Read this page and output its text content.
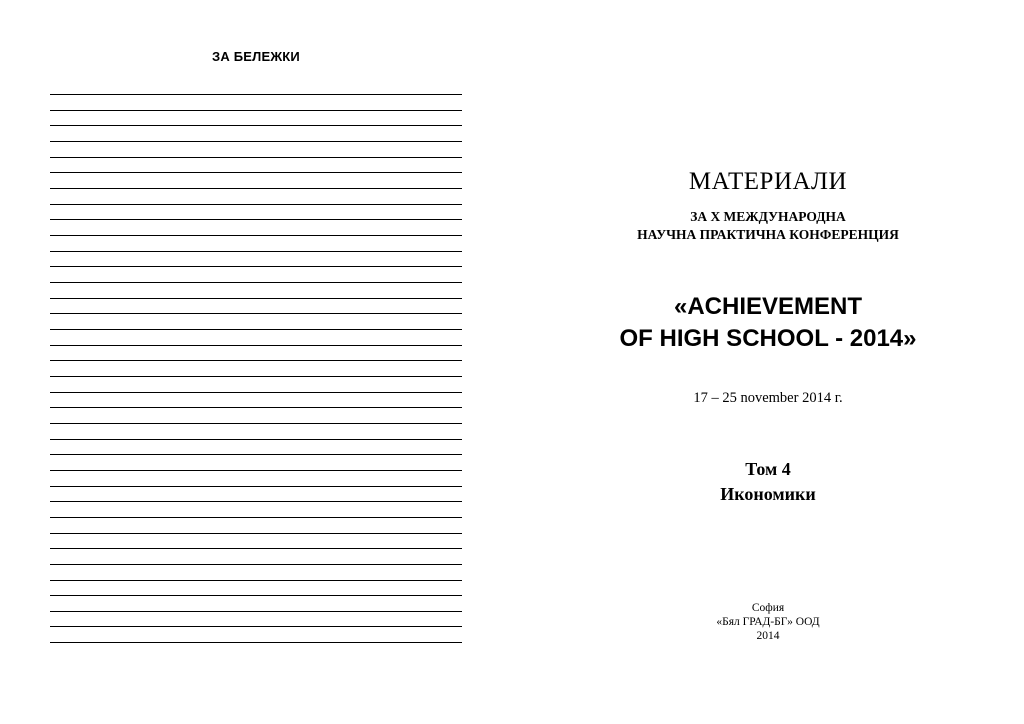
ЗА БЕЛЕЖКИ
МАТЕРИАЛИ
ЗА Х МЕЖДУНАРОДНА
НАУЧНА ПРАКТИЧНА КОНФЕРЕНЦИЯ
«ACHIEVEMENT
OF HIGH SCHOOL - 2014»
17 – 25 november 2014 г.
Том 4
Икономики
София
«Бял ГРАД-БГ» ООД
2014
